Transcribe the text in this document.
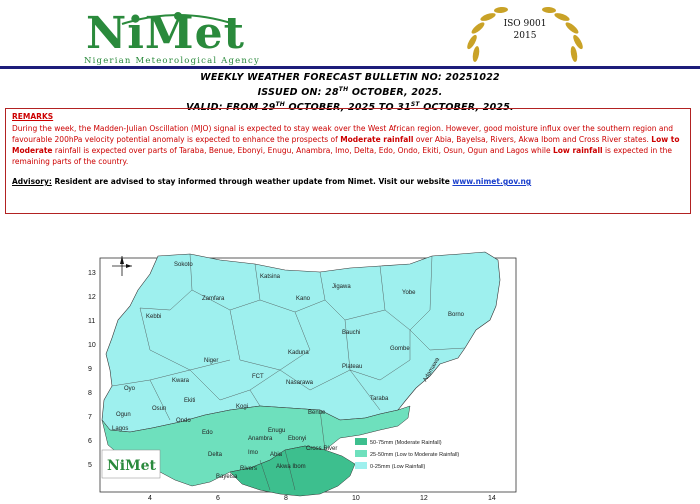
NiMet
Nigerian Meteorological Agency
ISO 9001
2015
WEEKLY WEATHER FORECAST BULLETIN NO: 20251022
ISSUED ON: 28TH OCTOBER, 2025.
VALID: FROM 29TH OCTOBER, 2025 TO 31ST OCTOBER, 2025.
REMARKS
During the week, the Madden-Julian Oscillation (MJO) signal is expected to stay weak over the West African region. However, good moisture influx over the southern region and favourable 200hPa velocity potential anomaly is expected to enhance the prospects of Moderate rainfall over Abia, Bayelsa, Rivers, Akwa Ibom and Cross River states. Low to Moderate rainfall is expected over parts of Taraba, Benue, Ebonyi, Enugu, Anambra, Imo, Delta, Edo, Ondo, Ekiti, Osun, Ogun and Lagos while Low rainfall is expected in the remaining parts of the country.
Advisory: Resident are advised to stay informed through weather update from Nimet. Visit our website www.nimet.gov.ng
4	6	8	10	12	14
13
12
11
10
9
8
7
6
5
50-75mm (Moderate Rainfall)
25-50mm (Low to Moderate Rainfall)
0-25mm (Low Rainfall)
NiMet
Sokoto
Katsina
Jigawa
Zamfara	Kano
Yobe
Kebbi	Borno
Bauchi
Gombe
Niger
Kaduna
Plateau	Adamawa
Oyo
Kwara
FCT
Nasarawa
Taraba
Ekiti
Kogi
Ogun	Benue
Osun
Ondo
Edo
Lagos	Enugu
Ebonyi
Delta	Imo Abia
Cross River
Akwa Ibom
Rivers
Bayelsa
Anambra
